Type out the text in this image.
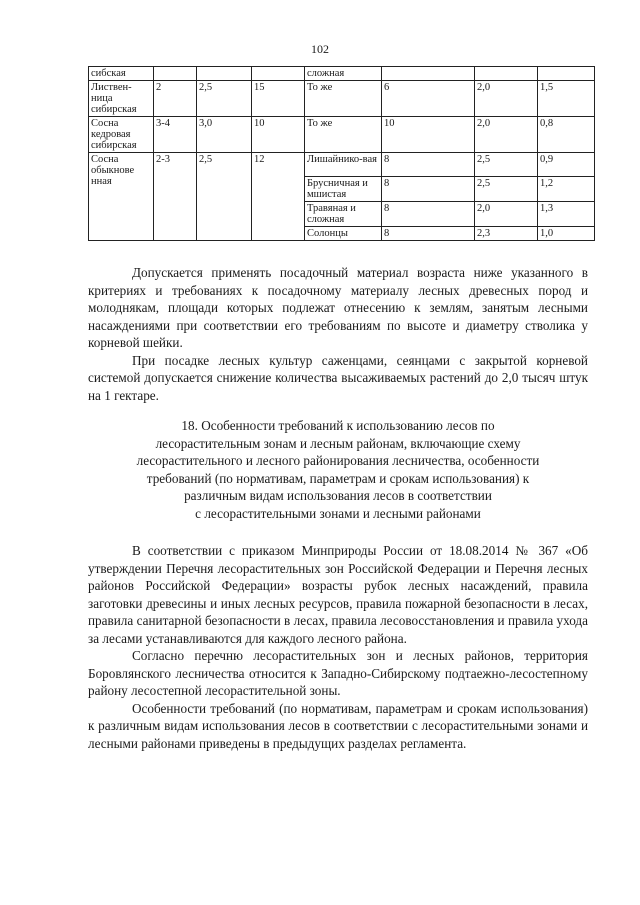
102
сибская				сложная			
Листвен-ница сибирская	2	2,5	15	То же	6	2,0	1,5
Сосна кедровая сибирская	3-4	3,0	10	То же	10	2,0	0,8
Сосна обыкнове нная	2-3	2,5	12	Лишайнико-вая	8	2,5	0,9
				Брусничная и мшистая	8	2,5	1,2
				Травяная и сложная	8	2,0	1,3
				Солонцы	8	2,3	1,0

Допускается применять посадочный материал возраста ниже указанного в критериях и требованиях к посадочному материалу лесных древесных пород и молоднякам, площади которых подлежат отнесению к землям, занятым лесными насаждениями при соответствии его требованиям по высоте и диаметру стволика у корневой шейки.

При посадке лесных культур саженцами, сеянцами с закрытой корневой системой допускается снижение количества высаживаемых растений до 2,0 тысяч штук на 1 гектаре.

18. Особенности требований к использованию лесов по
лесорастительным зонам и лесным районам, включающие схему
лесорастительного и лесного районирования лесничества, особенности
требований (по нормативам, параметрам и срокам использования) к
различным видам использования лесов в соответствии
с лесорастительными зонами и лесными районами

В соответствии с приказом Минприроды России от 18.08.2014 № 367 «Об утверждении Перечня лесорастительных зон Российской Федерации и Перечня лесных районов Российской Федерации» возрасты рубок лесных насаждений, правила заготовки древесины и иных лесных ресурсов, правила пожарной безопасности в лесах, правила санитарной безопасности в лесах, правила лесовосстановления и правила ухода за лесами устанавливаются для каждого лесного района.

Согласно перечню лесорастительных зон и лесных районов, территория Боровлянского лесничества относится к Западно-Сибирскому подтаежно-лесостепному району лесостепной лесорастительной зоны.

Особенности требований (по нормативам, параметрам и срокам использования) к различным видам использования лесов в соответствии с лесорастительными зонами и лесными районами приведены в предыдущих разделах регламента.
